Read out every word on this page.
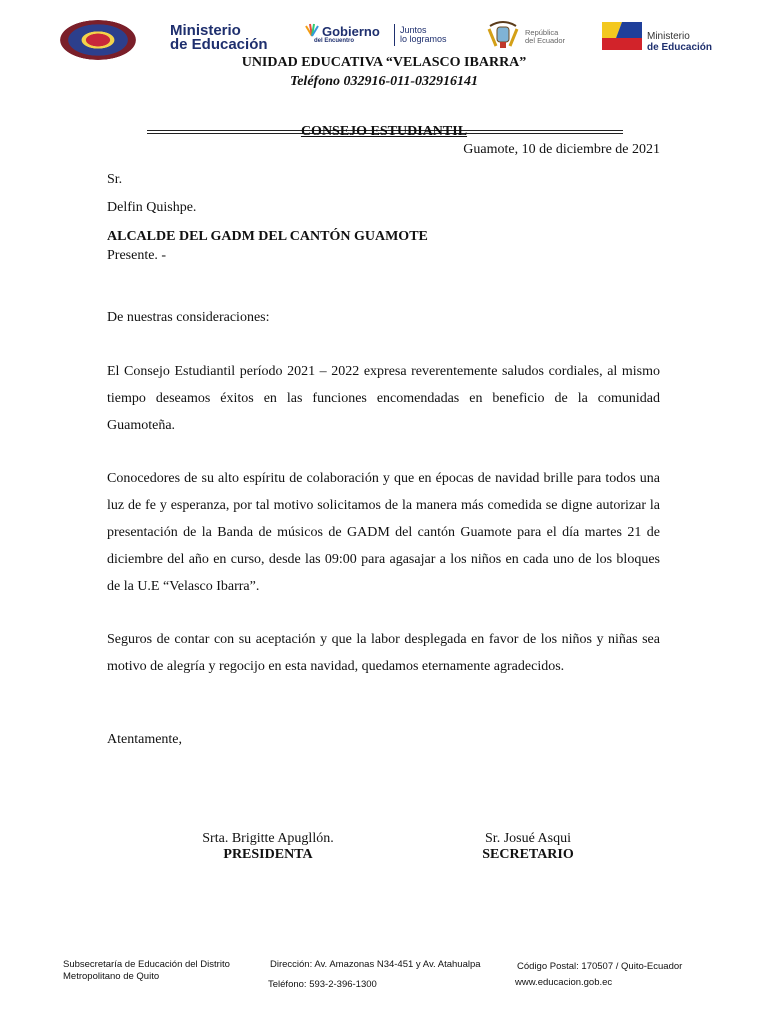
Ministerio
de Educación
Gobierno
del Encuentro
Juntos
lo logramos
República
del Ecuador	Ministerio
de Educación
UNIDAD EDUCATIVA “VELASCO IBARRA”
Teléfono 032916-011-032916141
CONSEJO ESTUDIANTIL
Guamote, 10 de diciembre de 2021
Sr.
Delfin Quishpe.
ALCALDE DEL GADM DEL CANTÓN GUAMOTE
Presente. -
De nuestras consideraciones:
El Consejo Estudiantil período 2021 – 2022 expresa reverentemente saludos cordiales, al mismo tiempo deseamos éxitos en las funciones encomendadas en beneficio de la comunidad Guamoteña.
Conocedores de su alto espíritu de colaboración y que en épocas de navidad brille para todos una luz de fe y esperanza, por tal motivo solicitamos de la manera más comedida se digne autorizar la presentación de la Banda de músicos de GADM del cantón Guamote para el día martes 21 de diciembre del año en curso, desde las 09:00 para agasajar a los niños en cada uno de los bloques de la U.E “Velasco Ibarra”.
Seguros de contar con su aceptación y que la labor desplegada en favor de los niños y niñas sea motivo de alegría y regocijo en esta navidad, quedamos eternamente agradecidos.
Atentamente,
Srta. Brigitte Apugllón.
PRESIDENTA
Sr. Josué Asqui
SECRETARIO
Subsecretaría de Educación del Distrito
Metropolitano de Quito
Dirección: Av. Amazonas N34-451 y Av. Atahualpa
Teléfono: 593-2-396-1300
Código Postal: 170507 / Quito-Ecuador
www.educacion.gob.ec
